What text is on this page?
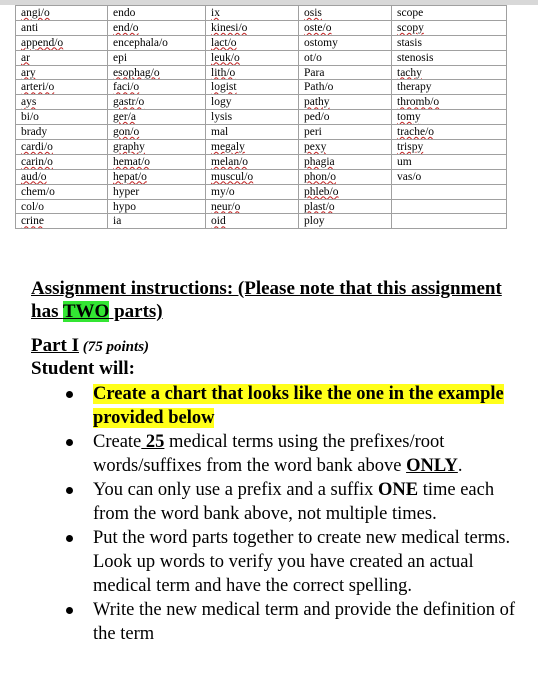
angi/o	endo	ix	osis	scope
anti	end/o	kinesi/o	oste/o	scopy
append/o	encephala/o	lact/o	ostomy	stasis
ar	epi	leuk/o	ot/o	stenosis
ary	esophag/o	lith/o	Para	tachy
arteri/o	faci/o	logist	Path/o	therapy
ays	gastr/o	logy	pathy	thromb/o
bi/o	ger/a	lysis	ped/o	tomy
brady	gon/o	mal	peri	trache/o
cardi/o	graphy	megaly	pexy	trispy
carin/o	hemat/o	melan/o	phagia	um
aud/o	hepat/o	muscul/o	phon/o	vas/o
chem/o	hyper	my/o	phleb/o	
col/o	hypo	neur/o	plast/o	
crine	ia	oid	ploy	
Assignment instructions: (Please note that this assignment has TWO parts)
Part I (75 points)
Student will:
Create a chart that looks like the one in the example provided below
Create 25 medical terms using the prefixes/root words/suffixes from the word bank above ONLY.
You can only use a prefix and a suffix ONE time each from the word bank above, not multiple times.
Put the word parts together to create new medical terms. Look up words to verify you have created an actual medical term and have the correct spelling.
Write the new medical term and provide the definition of the term
